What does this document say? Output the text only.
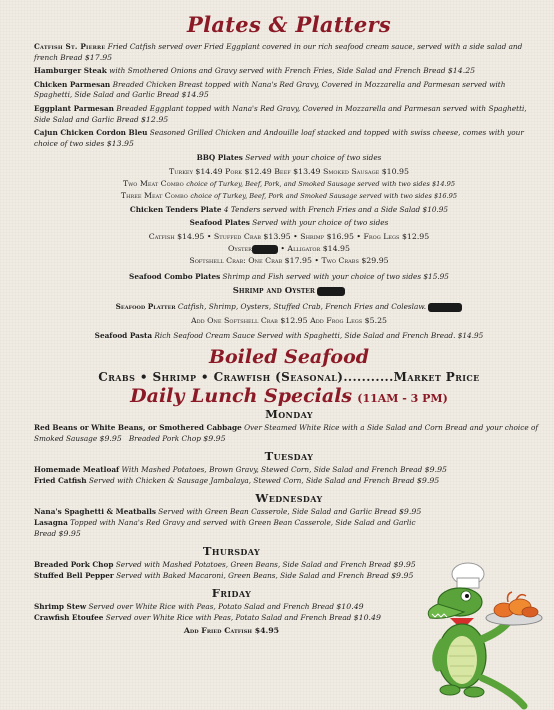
Plates & Platters
Catfish St. Pierre Fried Catfish served over Fried Eggplant covered in our rich seafood cream sauce, served with a side salad and french Bread $17.95
Hamburger Steak with Smothered Onions and Gravy served with French Fries, Side Salad and French Bread $14.25
Chicken Parmesan Breaded Chicken Breast topped with Nana's Red Gravy, Covered in Mozzarella and Parmesan served with Spaghetti, Side Salad and Garlic Bread $14.95
Eggplant Parmesan Breaded Eggplant topped with Nana's Red Gravy, Covered in Mozzarella and Parmesan served with Spaghetti, Side Salad and Garlic Bread $12.95
Cajun Chicken Cordon Bleu Seasoned Grilled Chicken and Andouille loaf stacked and topped with swiss cheese, comes with your choice of two sides $13.95
BBQ Plates Served with your choice of two sides
Turkey $14.49 Pork $12.49 Beef $13.49 Smoked Sausage $10.95
Two Meat Combo choice of Turkey, Beef, Pork, and Smoked Sausage served with two sides $14.95
Three Meat Combo choice of Turkey, Beef, Pork and Smoked Sausage served with two sides $16.95
Chicken Tenders Plate 4 Tenders served with French Fries and a Side Salad $10.95
Seafood Plates Served with your choice of two sides
Catfish $14.95 • Stuffed Crab $13.95 • Shrimp $16.95 • Frog Legs $12.95
Oyster	• Alligator $14.95
Softshell Crab: One Crab $17.95 • Two Crabs $29.95
Seafood Combo Plates Shrimp and Fish served with your choice of two sides $15.95
Shrimp and Oyster
Seafood Platter Catfish, Shrimp, Oysters, Stuffed Crab, French Fries and Coleslaw.
Add One Softshell Crab $12.95 Add Frog Legs $5.25
Seafood Pasta Rich Seafood Cream Sauce Served with Spaghetti, Side Salad and French Bread. $14.95
Boiled Seafood
Crabs • Shrimp • Crawfish (Seasonal)...........Market Price
Daily Lunch Specials (11AM - 3 PM)
Monday
Red Beans or White Beans, or Smothered Cabbage Over Steamed White Rice with a Side Salad and Corn Bread and your choice of Smoked Sausage $9.95 Breaded Pork Chop $9.95
Tuesday
Homemade Meatloaf With Mashed Potatoes, Brown Gravy, Stewed Corn, Side Salad and French Bread $9.95
Fried Catfish Served with Chicken & Sausage Jambalaya, Stewed Corn, Side Salad and French Bread $9.95
Wednesday
Nana's Spaghetti & Meatballs Served with Green Bean Casserole, Side Salad and Garlic Bread $9.95
Lasagna Topped with Nana's Red Gravy and served with Green Bean Casserole, Side Salad and Garlic Bread $9.95
Thursday
Breaded Pork Chop Served with Mashed Potatoes, Green Beans, Side Salad and French Bread $9.95
Stuffed Bell Pepper Served with Baked Macaroni, Green Beans, Side Salad and French Bread $9.95
Friday
Shrimp Stew Served over White Rice with Peas, Potato Salad and French Bread $10.49
Crawfish Etoufee Served over White Rice with Peas, Potato Salad and French Bread $10.49
Add Fried Catfish $4.95
